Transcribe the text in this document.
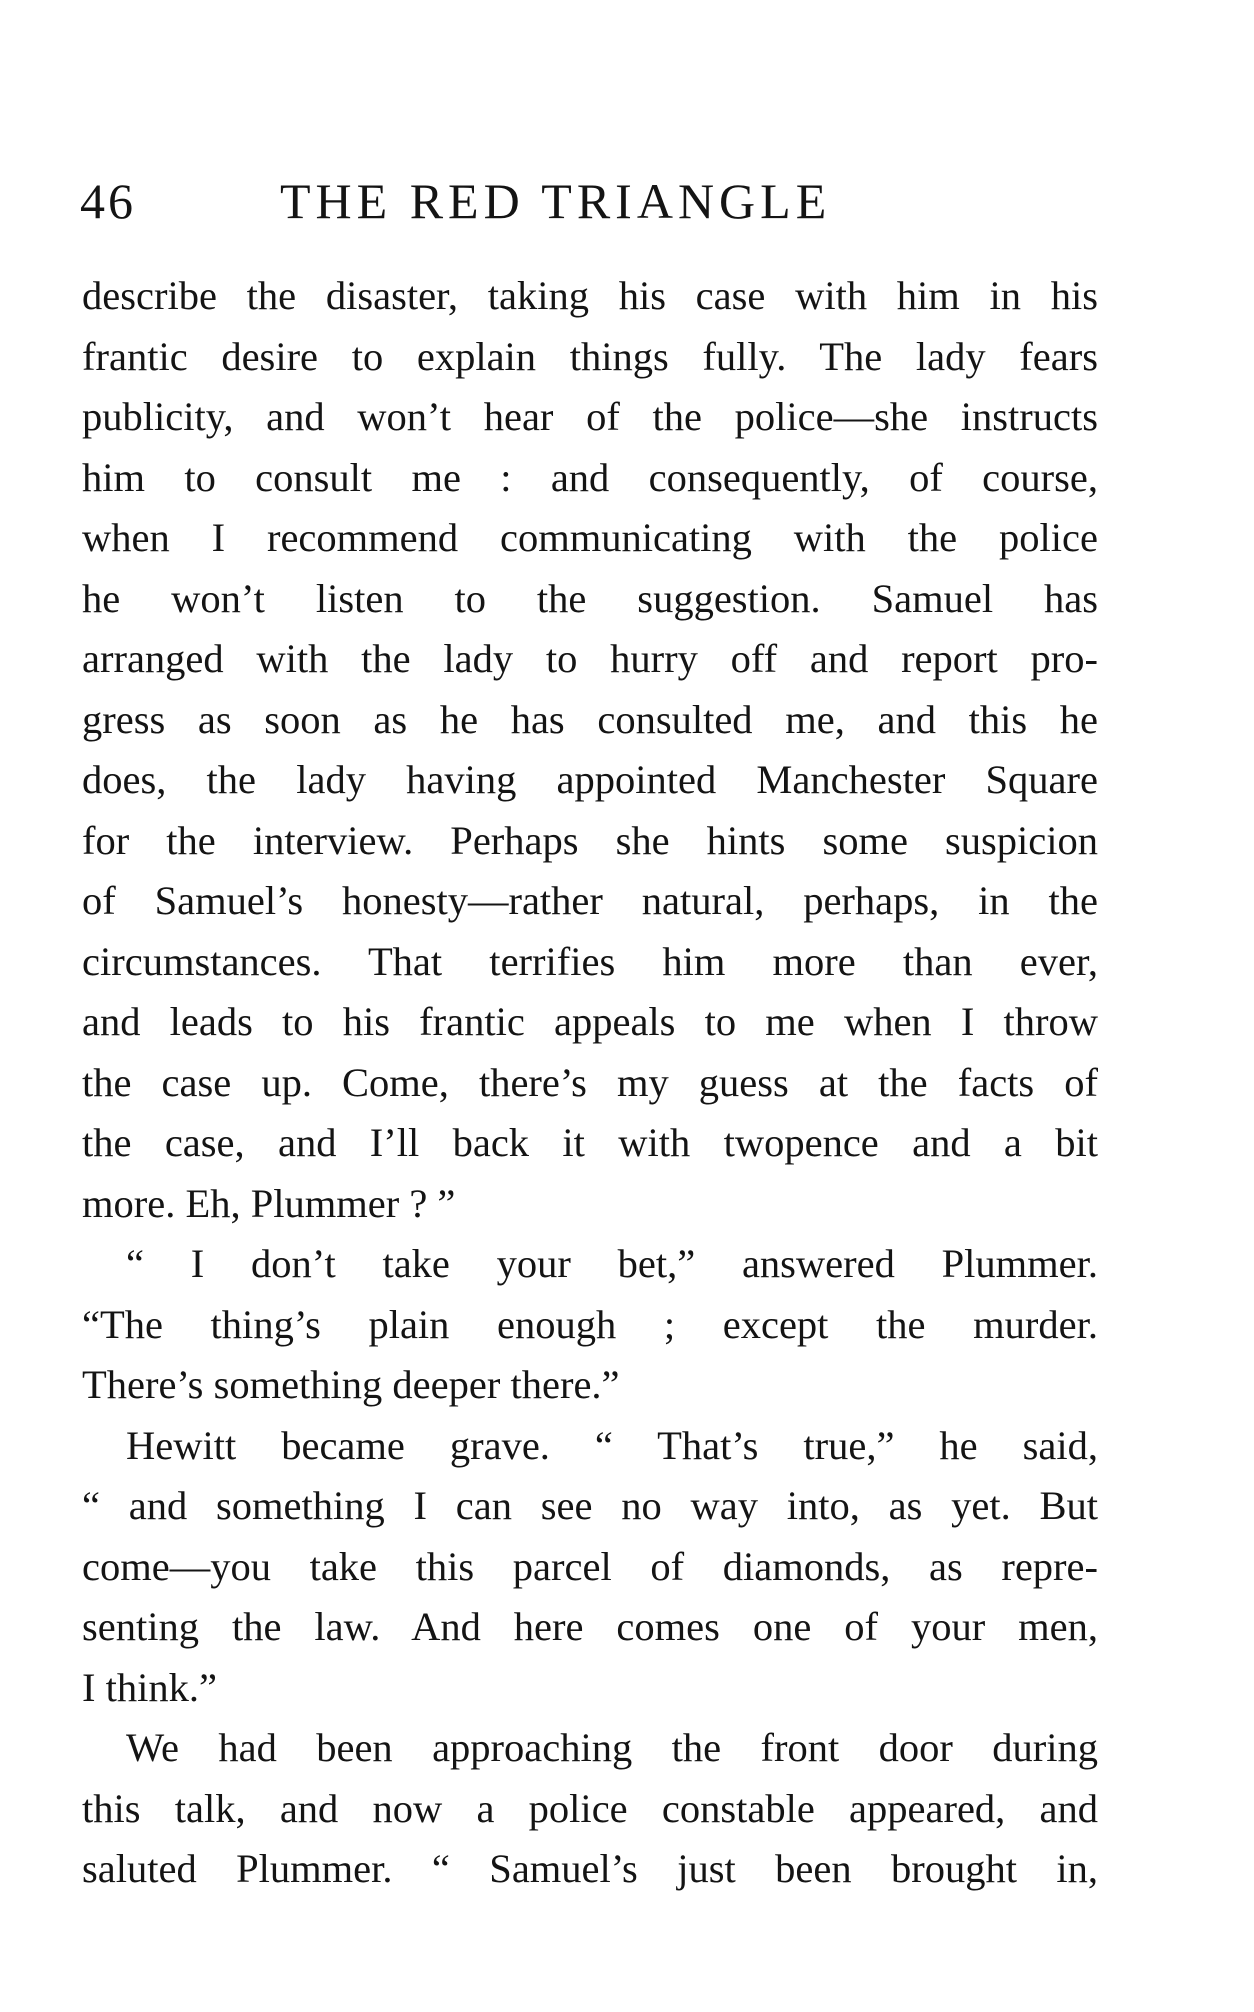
46	THE RED TRIANGLE
describe the disaster, taking his case with him in his
frantic desire to explain things fully. The lady fears
publicity, and won’t hear of the police—she instructs
him to consult me : and consequently, of course,
when I recommend communicating with the police
he won’t listen to the suggestion. Samuel has
arranged with the lady to hurry off and report pro-
gress as soon as he has consulted me, and this he
does, the lady having appointed Manchester Square
for the interview. Perhaps she hints some suspicion
of Samuel’s honesty—rather natural, perhaps, in the
circumstances. That terrifies him more than ever,
and leads to his frantic appeals to me when I throw
the case up. Come, there’s my guess at the facts of
the case, and I’ll back it with twopence and a bit
more. Eh, Plummer ? ”
“ I don’t take your bet,” answered Plummer.
“The thing’s plain enough ; except the murder.
There’s something deeper there.”
Hewitt became grave. “ That’s true,” he said,
“ and something I can see no way into, as yet. But
come—you take this parcel of diamonds, as repre-
senting the law. And here comes one of your men,
I think.”
We had been approaching the front door during
this talk, and now a police constable appeared, and
saluted Plummer. “ Samuel’s just been brought in,
